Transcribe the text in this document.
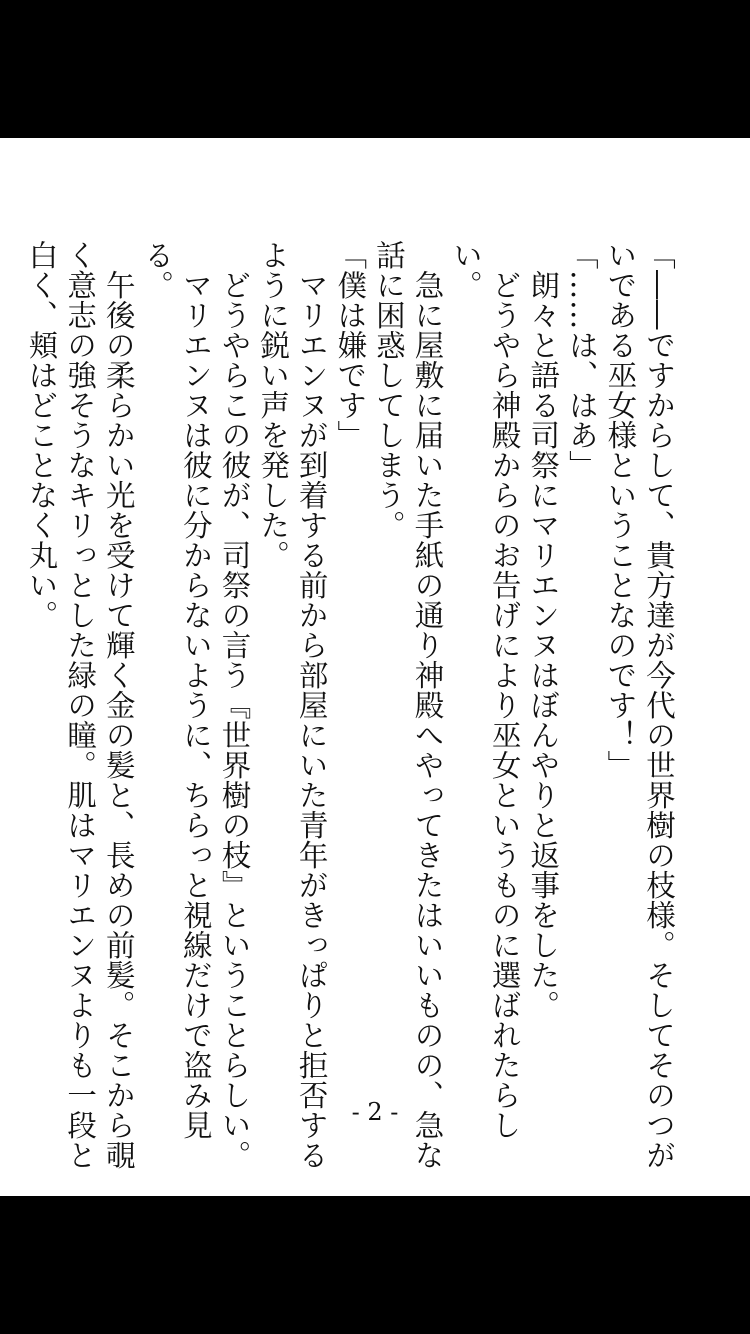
「――ですからして、貴方達が今代の世界樹の枝様。そしてそのつがいである巫女様ということなのです！」

「……は、はあ」

　朗々と語る司祭にマリエンヌはぼんやりと返事をした。

　どうやら神殿からのお告げにより巫女というものに選ばれたらしい。

　急に屋敷に届いた手紙の通り神殿へやってきたはいいものの、急な話に困惑してしまう。

「僕は嫌です」

　マリエンヌが到着する前から部屋にいた青年がきっぱりと拒否するように鋭い声を発した。

　どうやらこの彼が、司祭の言う『世界樹の枝』ということらしい。

　マリエンヌは彼に分からないように、ちらっと視線だけで盗み見る。

　午後の柔らかい光を受けて輝く金の髪と、長めの前髪。そこから覗く意志の強そうなキリっとした緑の瞳。肌はマリエンヌよりも一段と白く、頬はどことなく丸い。

- 2 -
